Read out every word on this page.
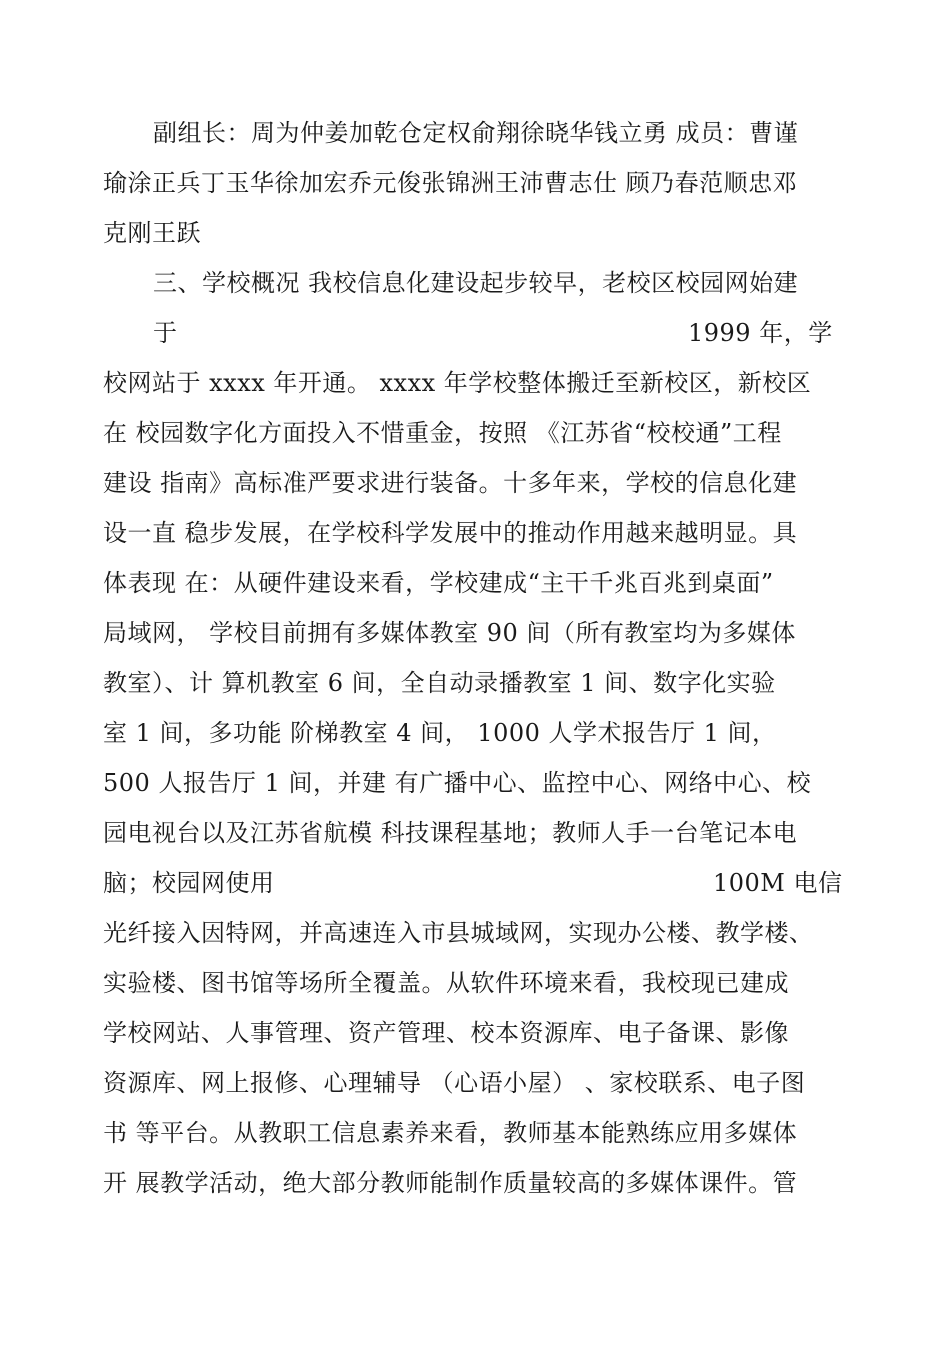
副组长：周为仲姜加乾仓定权俞翔徐晓华钱立勇 成员：曹谨
瑜涂正兵丁玉华徐加宏乔元俊张锦洲王沛曹志仕 顾乃春范顺忠邓
克刚王跃
三、学校概况 我校信息化建设起步较早，老校区校园网始建
于	1999 年，学
校网站于 xxxx 年开通。 xxxx 年学校整体搬迁至新校区，新校区
在 校园数字化方面投入不惜重金，按照 《江苏省“校校通”工程
建设 指南》高标准严要求进行装备。十多年来，学校的信息化建
设一直 稳步发展，在学校科学发展中的推动作用越来越明显。具
体表现 在：从硬件建设来看，学校建成“主干千兆百兆到桌面”
局域网， 学校目前拥有多媒体教室 90 间（所有教室均为多媒体
教室）、计 算机教室 6 间，全自动录播教室 1 间、数字化实验
室 1 间，多功能 阶梯教室 4 间， 1000 人学术报告厅 1 间，
500 人报告厅 1 间，并建 有广播中心、监控中心、网络中心、校
园电视台以及江苏省航模 科技课程基地；教师人手一台笔记本电
脑；校园网使用	100M 电信
光纤接入因特网，并高速连入市县城域网，实现办公楼、教学楼、
实验楼、图书馆等场所全覆盖。从软件环境来看，我校现已建成
学校网站、人事管理、资产管理、校本资源库、电子备课、影像
资源库、网上报修、心理辅导 （心语小屋） 、家校联系、电子图
书 等平台。从教职工信息素养来看，教师基本能熟练应用多媒体
开 展教学活动，绝大部分教师能制作质量较高的多媒体课件。管
